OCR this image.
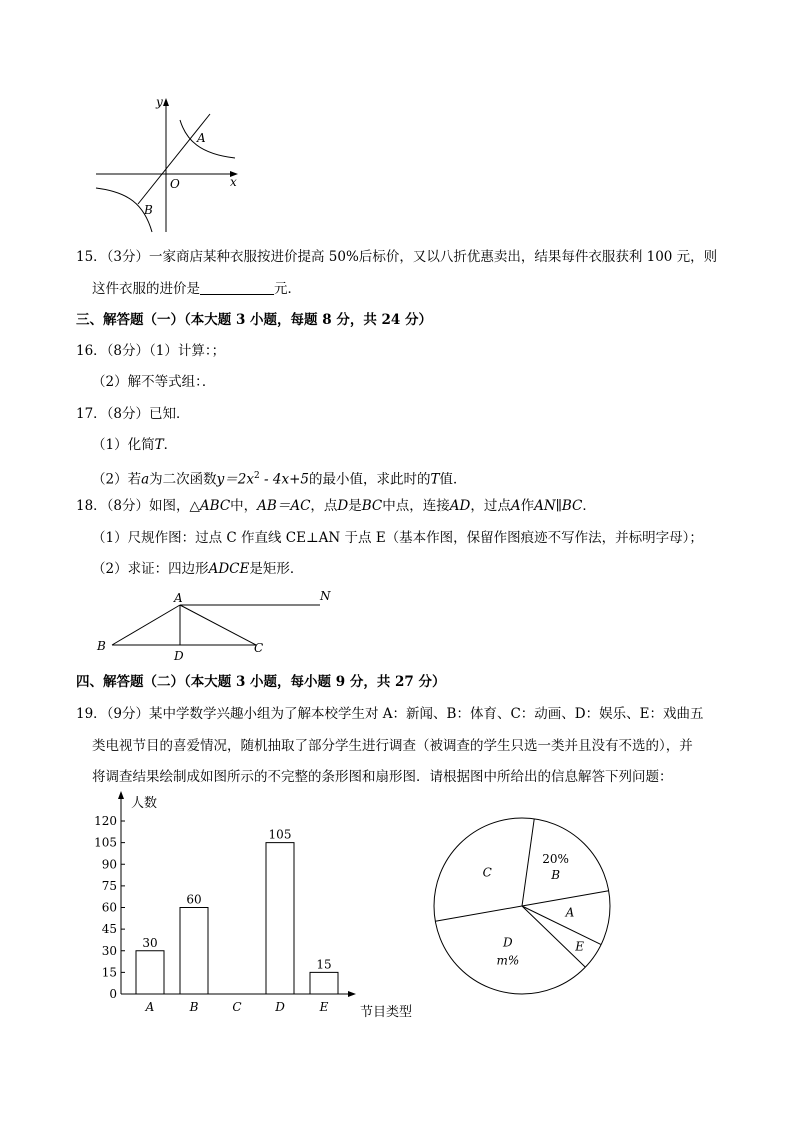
y
x
O
A
B
15．（3分）一家商店某种衣服按进价提高 50%后标价，又以八折优惠卖出，结果每件衣服获利 100 元，则
这件衣服的进价是	元．
三、解答题（一）（本大题 3 小题，每题 8 分，共 24 分）
16．（8分）（1）计算：；
（2）解不等式组：．
17．（8分）已知．
（1）化简T．
（2）若a为二次函数$y=2x^2 - 4x+5$的最小值，求此时的T值．
18．（8分）如图，△ABC中，AB＝AC，点D是BC中点，连接AD，过点A作AN∥BC．
（1）尺规作图：过点 C 作直线 CE⊥AN 于点 E（基本作图，保留作图痕迹不写作法，并标明字母）；
（2）求证：四边形ADCE是矩形．
A	N
B	C
D
四、解答题（二）（本大题 3 小题，每小题 9 分，共 27 分）
19．（9分）某中学数学兴趣小组为了解本校学生对 A：新闻、B：体育、C：动画、D：娱乐、E：戏曲五
类电视节目的喜爱情况，随机抽取了部分学生进行调查（被调查的学生只选一类并且没有不选的），并
将调查结果绘制成如图所示的不完整的条形图和扇形图．请根据图中所给出的信息解答下列问题：
人数
节目类型
0
15
30
45
60
75
90
105
120
A
30
B
60
C	D
105
E
15
20%
B
A
E
D
m%
C
